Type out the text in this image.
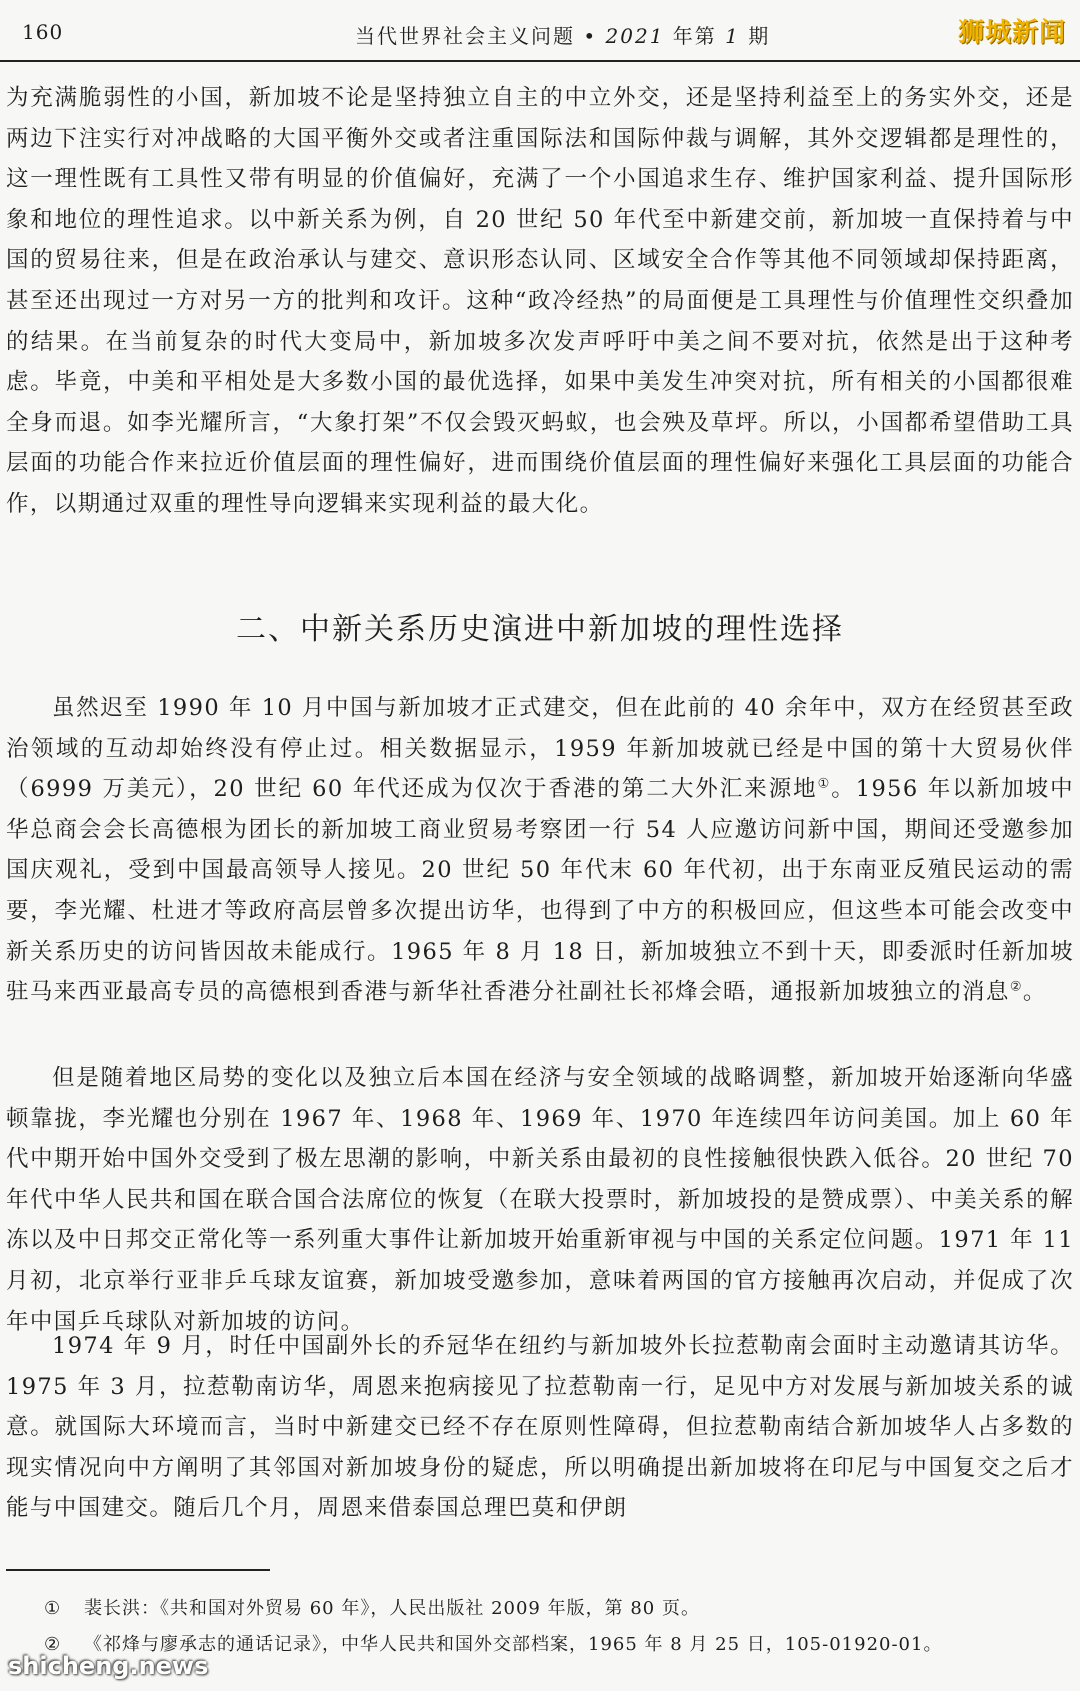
160	当代世界社会主义问题 • 2021 年第 1 期	狮城新闻

为充满脆弱性的小国，新加坡不论是坚持独立自主的中立外交，还是坚持利益至上的务实外交，还是两边下注实行对冲战略的大国平衡外交或者注重国际法和国际仲裁与调解，其外交逻辑都是理性的，这一理性既有工具性又带有明显的价值偏好，充满了一个小国追求生存、维护国家利益、提升国际形象和地位的理性追求。以中新关系为例，自 20 世纪 50 年代至中新建交前，新加坡一直保持着与中国的贸易往来，但是在政治承认与建交、意识形态认同、区域安全合作等其他不同领域却保持距离，甚至还出现过一方对另一方的批判和攻讦。这种“政冷经热”的局面便是工具理性与价值理性交织叠加的结果。在当前复杂的时代大变局中，新加坡多次发声呼吁中美之间不要对抗，依然是出于这种考虑。毕竟，中美和平相处是大多数小国的最优选择，如果中美发生冲突对抗，所有相关的小国都很难全身而退。如李光耀所言，“大象打架”不仅会毁灭蚂蚁，也会殃及草坪。所以，小国都希望借助工具层面的功能合作来拉近价值层面的理性偏好，进而围绕价值层面的理性偏好来强化工具层面的功能合作，以期通过双重的理性导向逻辑来实现利益的最大化。

二、中新关系历史演进中新加坡的理性选择

虽然迟至 1990 年 10 月中国与新加坡才正式建交，但在此前的 40 余年中，双方在经贸甚至政治领域的互动却始终没有停止过。相关数据显示，1959 年新加坡就已经是中国的第十大贸易伙伴（6999 万美元），20 世纪 60 年代还成为仅次于香港的第二大外汇来源地①。1956 年以新加坡中华总商会会长高德根为团长的新加坡工商业贸易考察团一行 54 人应邀访问新中国，期间还受邀参加国庆观礼，受到中国最高领导人接见。20 世纪 50 年代末 60 年代初，出于东南亚反殖民运动的需要，李光耀、杜进才等政府高层曾多次提出访华，也得到了中方的积极回应，但这些本可能会改变中新关系历史的访问皆因故未能成行。1965 年 8 月 18 日，新加坡独立不到十天，即委派时任新加坡驻马来西亚最高专员的高德根到香港与新华社香港分社副社长祁烽会晤，通报新加坡独立的消息②。

但是随着地区局势的变化以及独立后本国在经济与安全领域的战略调整，新加坡开始逐渐向华盛顿靠拢，李光耀也分别在 1967 年、1968 年、1969 年、1970 年连续四年访问美国。加上 60 年代中期开始中国外交受到了极左思潮的影响，中新关系由最初的良性接触很快跌入低谷。20 世纪 70 年代中华人民共和国在联合国合法席位的恢复（在联大投票时，新加坡投的是赞成票）、中美关系的解冻以及中日邦交正常化等一系列重大事件让新加坡开始重新审视与中国的关系定位问题。1971 年 11 月初，北京举行亚非乒乓球友谊赛，新加坡受邀参加，意味着两国的官方接触再次启动，并促成了次年中国乒乓球队对新加坡的访问。

1974 年 9 月，时任中国副外长的乔冠华在纽约与新加坡外长拉惹勒南会面时主动邀请其访华。1975 年 3 月，拉惹勒南访华，周恩来抱病接见了拉惹勒南一行，足见中方对发展与新加坡关系的诚意。就国际大环境而言，当时中新建交已经不存在原则性障碍，但拉惹勒南结合新加坡华人占多数的现实情况向中方阐明了其邻国对新加坡身份的疑虑，所以明确提出新加坡将在印尼与中国复交之后才能与中国建交。随后几个月，周恩来借泰国总理巴莫和伊朗

① 裴长洪：《共和国对外贸易 60 年》，人民出版社 2009 年版，第 80 页。
② 《祁烽与廖承志的通话记录》，中华人民共和国外交部档案，1965 年 8 月 25 日，105-01920-01。
shicheng.news
